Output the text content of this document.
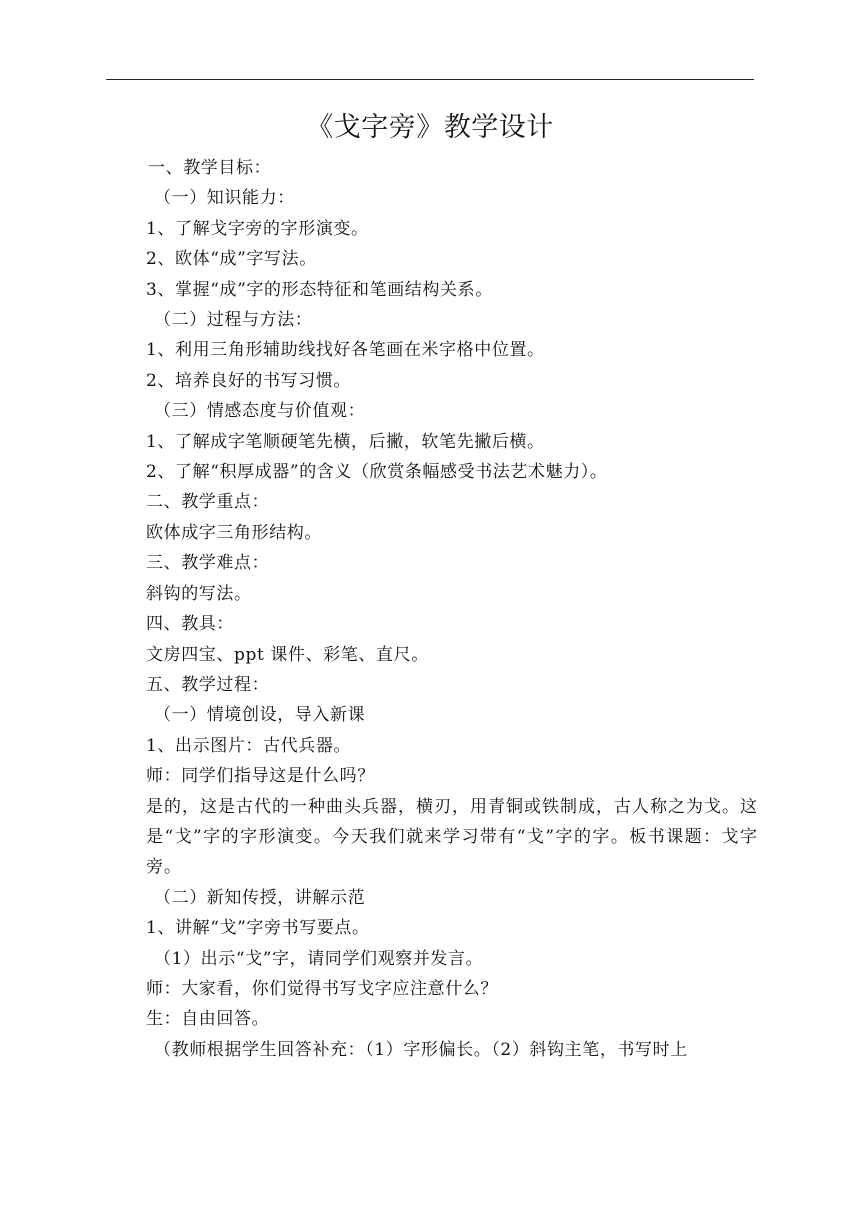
《戈字旁》教学设计

一、教学目标：

（一）知识能力：

1、了解戈字旁的字形演变。

2、欧体“成”字写法。

3、掌握“成”字的形态特征和笔画结构关系。

（二）过程与方法：

1、利用三角形辅助线找好各笔画在米字格中位置。

2、培养良好的书写习惯。

（三）情感态度与价值观：

1、了解成字笔顺硬笔先横，后撇，软笔先撇后横。

2、了解“积厚成器”的含义（欣赏条幅感受书法艺术魅力）。

二、教学重点：

欧体成字三角形结构。

三、教学难点：

斜钩的写法。

四、教具：

文房四宝、ppt 课件、彩笔、直尺。

五、教学过程：

（一）情境创设，导入新课

1、出示图片：古代兵器。

师：同学们指导这是什么吗？

是的，这是古代的一种曲头兵器，横刃，用青铜或铁制成，古人称之为戈。这是“戈”字的字形演变。今天我们就来学习带有“戈”字的字。板书课题：戈字旁。

（二）新知传授，讲解示范

1、讲解“戈”字旁书写要点。

（1）出示“戈”字，请同学们观察并发言。

师：大家看，你们觉得书写戈字应注意什么？

生：自由回答。

（教师根据学生回答补充：（1）字形偏长。（2）斜钩主笔，书写时上
